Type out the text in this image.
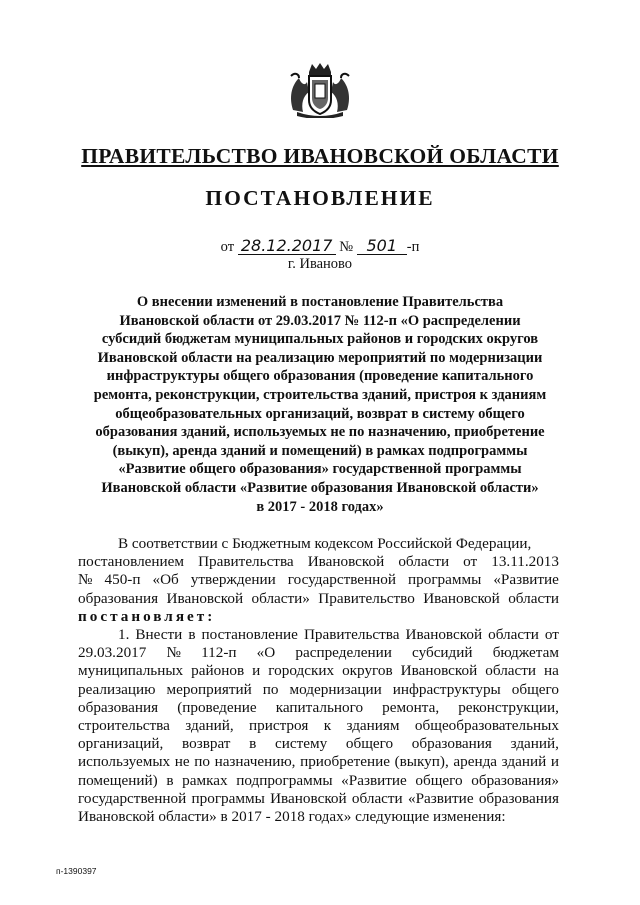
ПРАВИТЕЛЬСТВО ИВАНОВСКОЙ ОБЛАСТИ
ПОСТАНОВЛЕНИЕ
от 28.12.2017 № 501 -п
г. Иваново
О внесении изменений в постановление Правительства
Ивановской области от 29.03.2017 № 112-п «О распределении
субсидий бюджетам муниципальных районов и городских округов
Ивановской области на реализацию мероприятий по модернизации
инфраструктуры общего образования (проведение капитального
ремонта, реконструкции, строительства зданий, пристроя к зданиям
общеобразовательных организаций, возврат в систему общего
образования зданий, используемых не по назначению, приобретение
(выкуп), аренда зданий и помещений) в рамках подпрограммы
«Развитие общего образования» государственной программы
Ивановской области «Развитие образования Ивановской области»
в 2017 - 2018 годах»
В соответствии с Бюджетным кодексом Российской Федерации,
постановлением Правительства Ивановской области от 13.11.2013
№ 450-п «Об утверждении государственной программы «Развитие
образования Ивановской области» Правительство Ивановской области
постановляет:
1. Внести в постановление Правительства Ивановской области от
29.03.2017 № 112-п «О распределении субсидий бюджетам
муниципальных районов и городских округов Ивановской области на
реализацию мероприятий по модернизации инфраструктуры общего
образования (проведение капитального ремонта, реконструкции,
строительства зданий, пристроя к зданиям общеобразовательных
организаций, возврат в систему общего образования зданий,
используемых не по назначению, приобретение (выкуп), аренда зданий и
помещений) в рамках подпрограммы «Развитие общего образования»
государственной программы Ивановской области «Развитие образования
Ивановской области» в 2017 - 2018 годах» следующие изменения:
п-1390397
